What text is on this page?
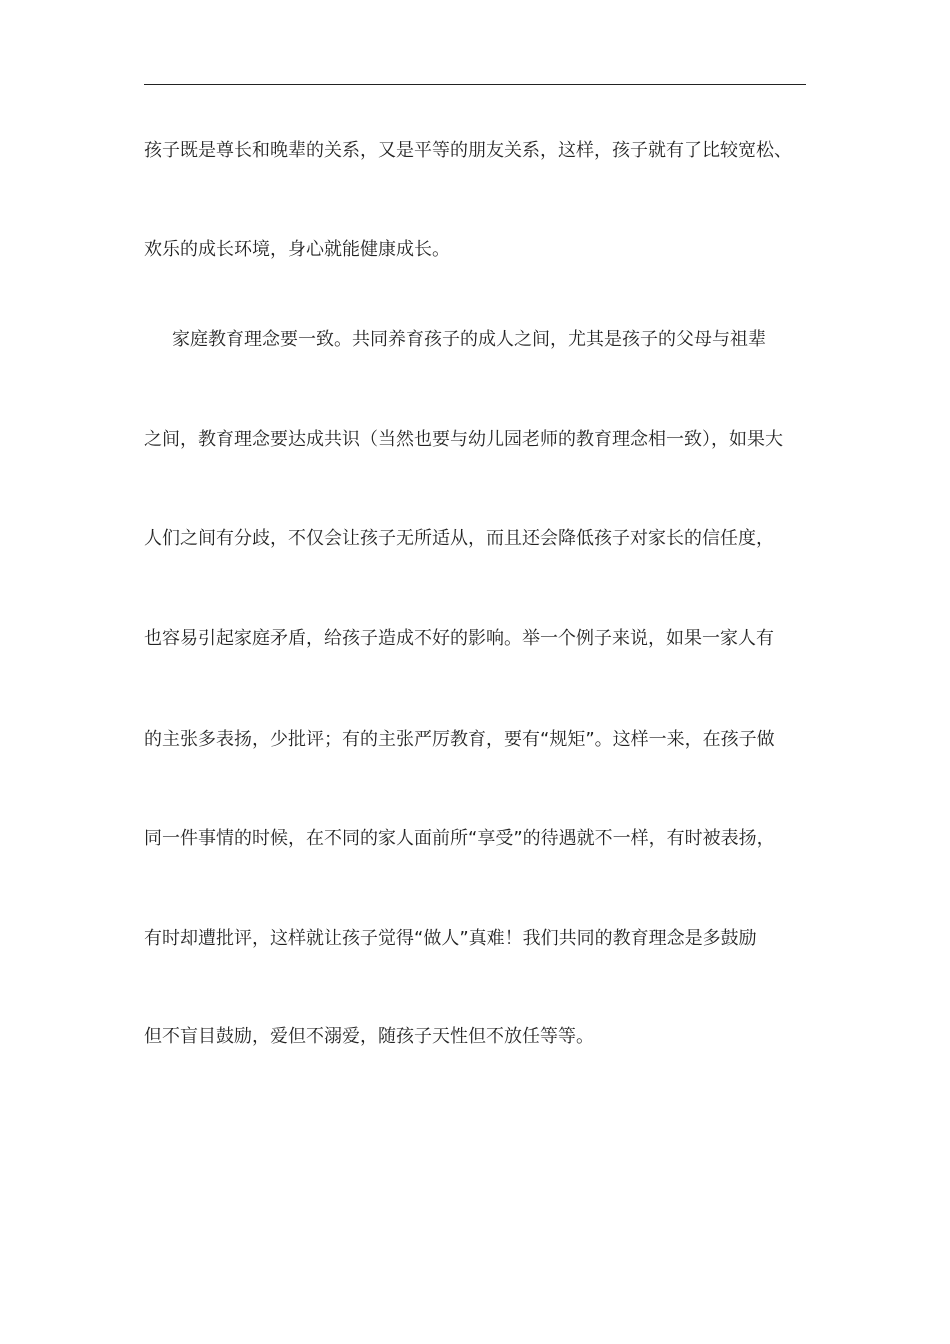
孩子既是尊长和晚辈的关系，又是平等的朋友关系，这样，孩子就有了比较宽松、
欢乐的成长环境，身心就能健康成长。
家庭教育理念要一致。共同养育孩子的成人之间，尤其是孩子的父母与祖辈
之间，教育理念要达成共识（当然也要与幼儿园老师的教育理念相一致），如果大
人们之间有分歧，不仅会让孩子无所适从，而且还会降低孩子对家长的信任度，
也容易引起家庭矛盾，给孩子造成不好的影响。举一个例子来说，如果一家人有
的主张多表扬，少批评；有的主张严厉教育，要有“规矩”。这样一来，在孩子做
同一件事情的时候，在不同的家人面前所“享受”的待遇就不一样，有时被表扬，
有时却遭批评，这样就让孩子觉得“做人”真难！我们共同的教育理念是多鼓励
但不盲目鼓励，爱但不溺爱，随孩子天性但不放任等等。
